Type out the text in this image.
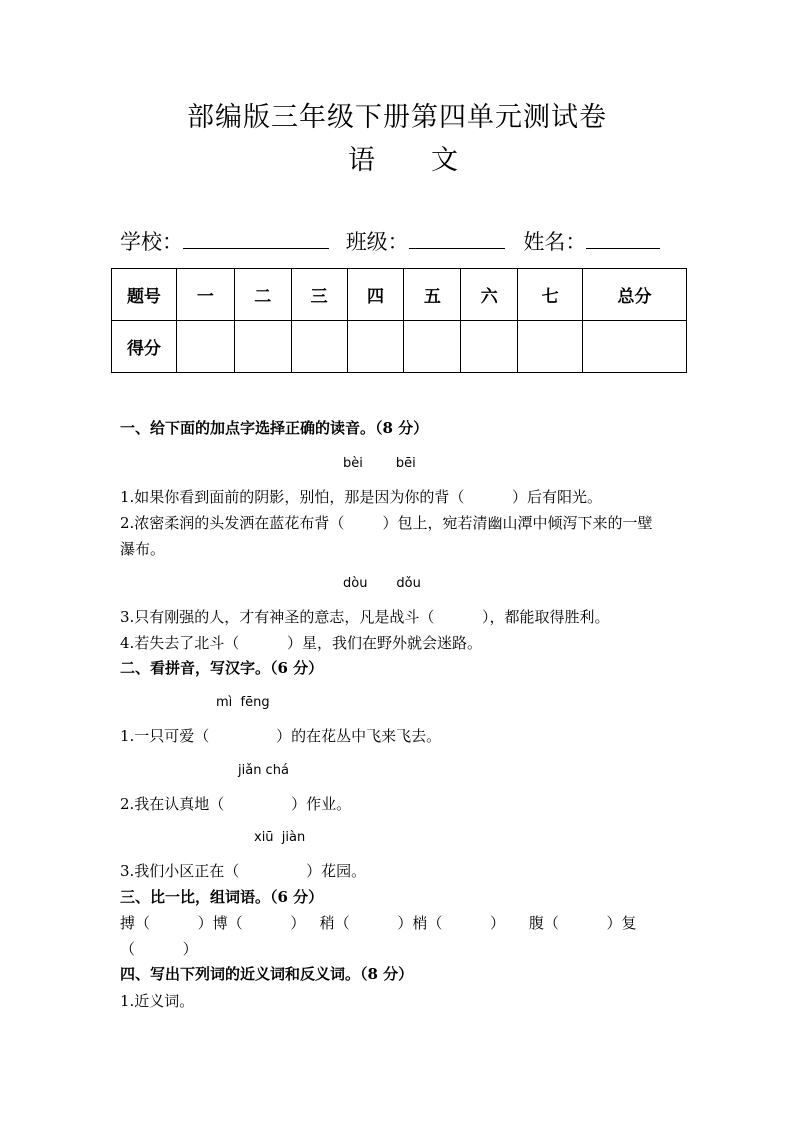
部编版三年级下册第四单元测试卷
语 文
学校：	班级：	姓名：
题号	一	二	三	四	五	六	七	总分
得分								
一、给下面的加点字选择正确的读音。（8 分）
bèi        bēi
1.如果你看到面前的阴影，别怕，那是因为你的背（          ）后有阳光。
2.浓密柔润的头发洒在蓝花布背（        ）包上，宛若清幽山潭中倾泻下来的一壁
瀑布。
dòu       dǒu
3.只有刚强的人，才有神圣的意志，凡是战斗（          ），都能取得胜利。
4.若失去了北斗（          ）星，我们在野外就会迷路。
二、看拼音，写汉字。（6 分）
mì  fēng
1.一只可爱（              ）的在花丛中飞来飞去。
jiǎn chá
2.我在认真地（              ）作业。
xiū  jiàn
3.我们小区正在（              ）花园。
三、比一比，组词语。（6 分）
搏（          ）博（          ）   稍（          ）梢（          ）     腹（          ）复
（          ）
四、写出下列词的近义词和反义词。（8 分）
1.近义词。
